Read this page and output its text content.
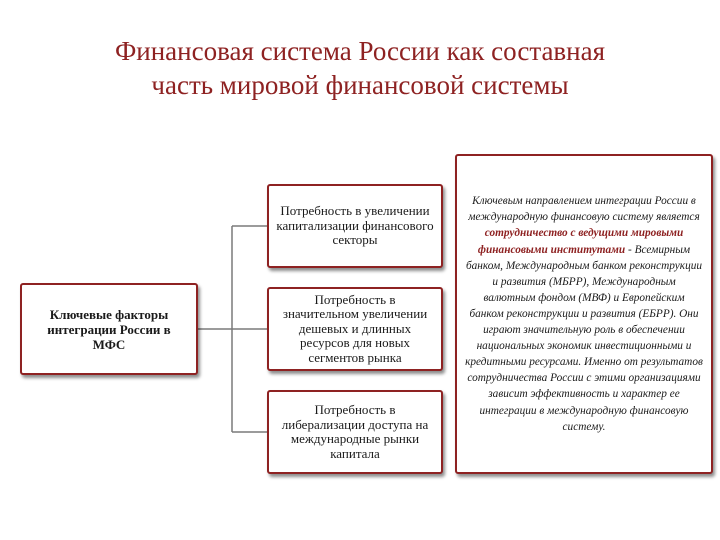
Финансовая система России как составная
часть мировой финансовой системы
Ключевые факторы интеграции России в МФС
Потребность в увеличении капитализации финансового секторы
Потребность в значительном увеличении дешевых и длинных ресурсов для новых сегментов рынка
Потребность в либерализации доступа на международные рынки капитала

Ключевым направлением интеграции России в международную финансовую систему является сотрудничество с ведущими мировыми финансовыми институтами - Всемирным банком, Международным банком реконструкции и развития (МБРР), Международным валютным фондом (МВФ) и Европейским банком реконструкции и развития (ЕБРР). Они играют значительную роль в обеспечении национальных экономик инвестиционными и кредитными ресурсами. Именно от результатов сотрудничества России с этими организациями зависит эффективность и характер ее интеграции в международную финансовую систему.
